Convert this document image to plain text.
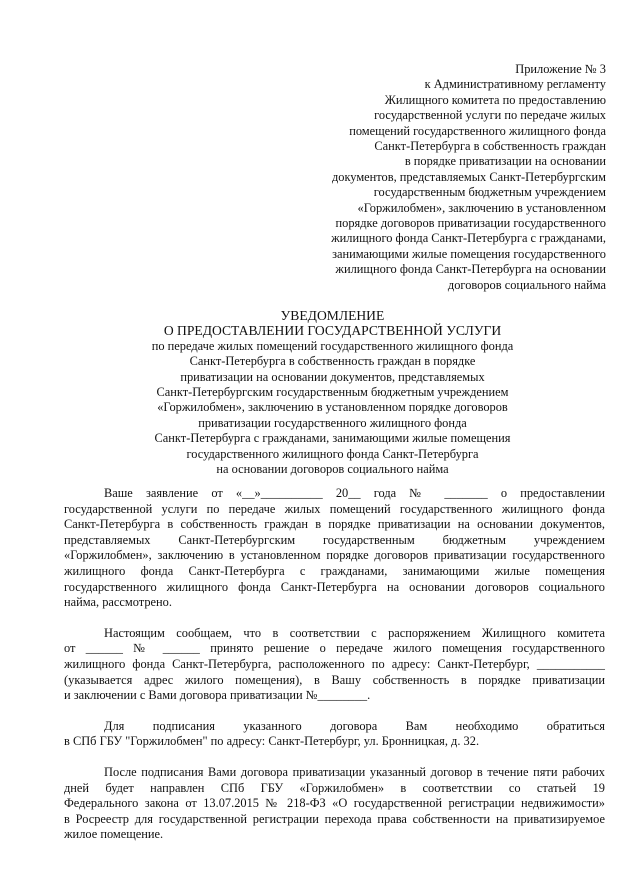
Приложение № 3
к Административному регламенту
Жилищного комитета по предоставлению
государственной услуги по передаче жилых
помещений государственного жилищного фонда
Санкт-Петербурга в собственность граждан
в порядке приватизации на основании
документов, представляемых Санкт-Петербургским
государственным бюджетным учреждением
«Горжилобмен», заключению в установленном
порядке договоров приватизации государственного
жилищного фонда Санкт-Петербурга с гражданами,
занимающими жилые помещения государственного
жилищного фонда Санкт-Петербурга на основании
договоров социального найма
УВЕДОМЛЕНИЕ
О ПРЕДОСТАВЛЕНИИ ГОСУДАРСТВЕННОЙ УСЛУГИ
по передаче жилых помещений государственного жилищного фонда
Санкт-Петербурга в собственность граждан в порядке
приватизации на основании документов, представляемых
Санкт-Петербургским государственным бюджетным учреждением
«Горжилобмен», заключению в установленном порядке договоров
приватизации государственного жилищного фонда
Санкт-Петербурга с гражданами, занимающими жилые помещения
государственного жилищного фонда Санкт-Петербурга
на основании договоров социального найма
Ваше заявление от «__»__________ 20__ года № _______ о предоставлении
государственной услуги по передаче жилых помещений государственного жилищного фонда
Санкт-Петербурга в собственность граждан в порядке приватизации на основании документов,
представляемых Санкт-Петербургским государственным бюджетным учреждением
«Горжилобмен», заключению в установленном порядке договоров приватизации государственного
жилищного фонда Санкт-Петербурга с гражданами, занимающими жилые помещения
государственного жилищного фонда Санкт-Петербурга на основании договоров социального
найма, рассмотрено.
Настоящим сообщаем, что в соответствии с распоряжением Жилищного комитета
от ______ № ______ принято решение о передаче жилого помещения государственного
жилищного фонда Санкт-Петербурга, расположенного по адресу: Санкт-Петербург, ___________
(указывается адрес жилого помещения), в Вашу собственность в порядке приватизации
и заключении с Вами договора приватизации №________.
Для подписания указанного договора Вам необходимо обратиться
в СПб ГБУ "Горжилобмен" по адресу: Санкт-Петербург, ул. Бронницкая, д. 32.
После подписания Вами договора приватизации указанный договор в течение пяти рабочих
дней будет направлен СПб ГБУ «Горжилобмен» в соответствии со статьей 19
Федерального закона от 13.07.2015 № 218-ФЗ «О государственной регистрации недвижимости»
в Росреестр для государственной регистрации перехода права собственности на приватизируемое
жилое помещение.
